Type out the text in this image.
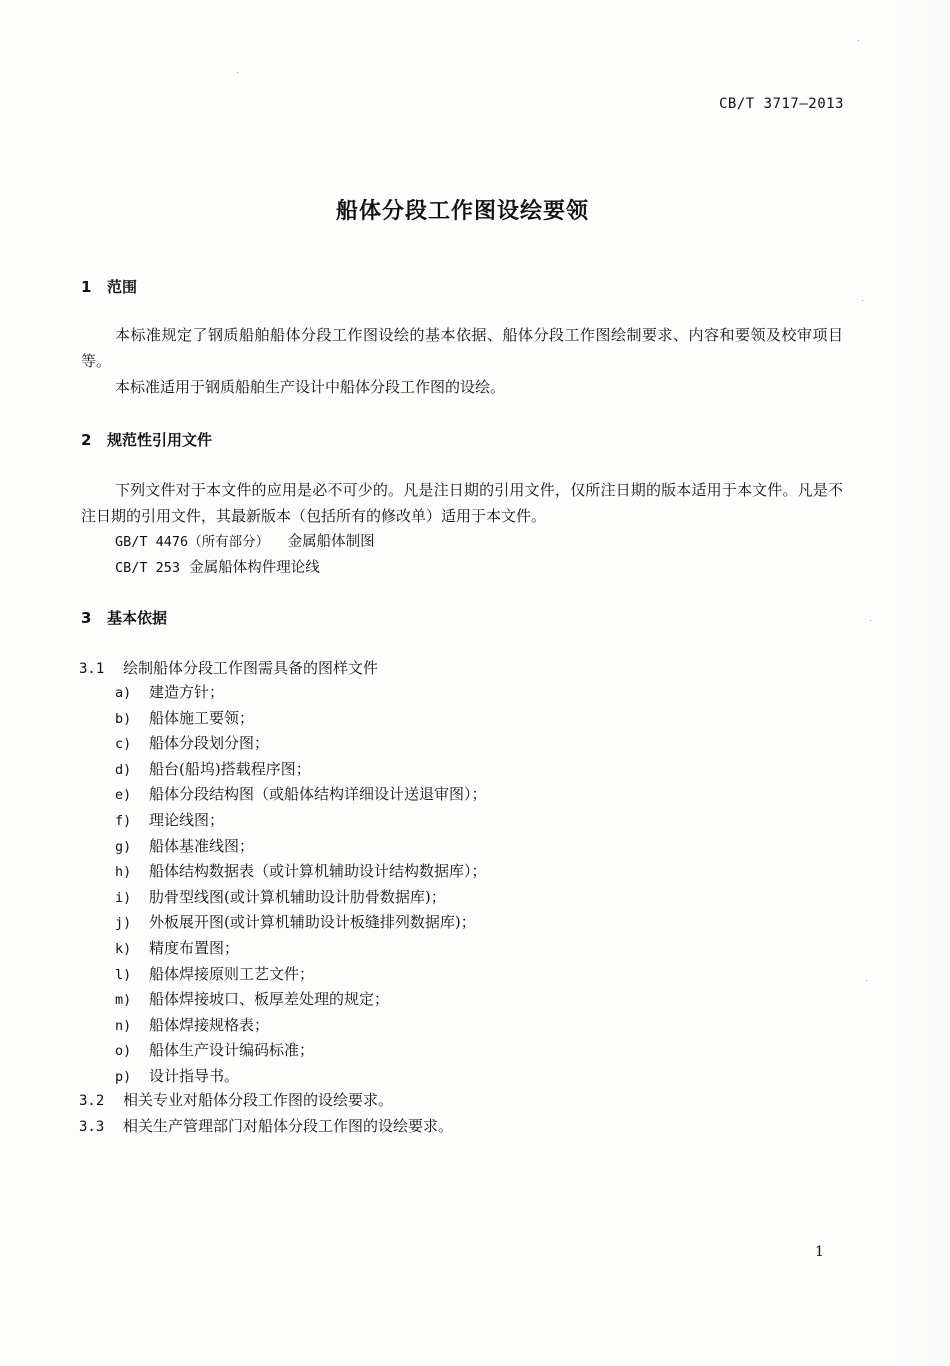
CB/T 3717—2013
船体分段工作图设绘要领
1 范围
本标准规定了钢质船舶船体分段工作图设绘的基本依据、船体分段工作图绘制要求、内容和要领及校审项目等。
本标准适用于钢质船舶生产设计中船体分段工作图的设绘。
2 规范性引用文件
下列文件对于本文件的应用是必不可少的。凡是注日期的引用文件，仅所注日期的版本适用于本文件。凡是不注日期的引用文件，其最新版本（包括所有的修改单）适用于本文件。
GB/T 4476（所有部分） 金属船体制图
CB/T 253 金属船体构件理论线
3 基本依据
3.1 绘制船体分段工作图需具备的图样文件
a) 建造方针；
b) 船体施工要领；
c) 船体分段划分图；
d) 船台(船坞)搭载程序图；
e) 船体分段结构图（或船体结构详细设计送退审图）；
f) 理论线图；
g) 船体基准线图；
h) 船体结构数据表（或计算机辅助设计结构数据库）；
i) 肋骨型线图(或计算机辅助设计肋骨数据库)；
j) 外板展开图(或计算机辅助设计板缝排列数据库)；
k) 精度布置图；
l) 船体焊接原则工艺文件；
m) 船体焊接坡口、板厚差处理的规定；
n) 船体焊接规格表；
o) 船体生产设计编码标准；
p) 设计指导书。
3.2 相关专业对船体分段工作图的设绘要求。
3.3 相关生产管理部门对船体分段工作图的设绘要求。
1
